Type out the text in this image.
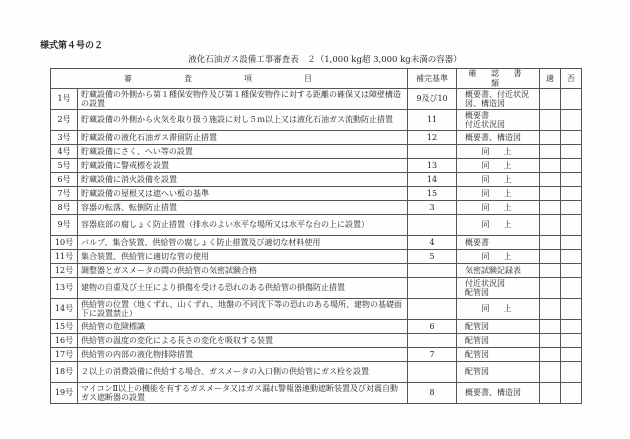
様式第４号の２
液化石油ガス設備工事審査表　２（1,000 kg超 3,000 kg未満の容器）
審　査　項　目		補完基準	確 認 書 類	適	否
1号	貯蔵設備の外側から第１種保安物件及び第１種保安物件に対する距離の確保又は障壁構造の設置	9及び10	概要書、付近状況図、構造図		
2号	貯蔵設備の外側から火気を取り扱う施設に対し５ｍ以上又は液化石油ガス流動防止措置	11	概要書
付近状況図		
3号	貯蔵設備の液化石油ガス滞留防止措置	12	概要書、構造図		
4号	貯蔵設備にさく、へい等の設置		同上		
5号	貯蔵設備に警戒標を設置	13	同上		
6号	貯蔵設備に消火設備を設置	14	同上		
7号	貯蔵設備の屋根又は遮へい板の基準	15	同上		
8号	容器の転落、転倒防止措置	3	同上		
9号	容器底部の腐しょく防止措置（排水のよい水平な場所又は水平な台の上に設置）		同上		
10号	バルブ、集合装置、供給管の腐しょく防止措置及び適切な材料使用	4	概要書		
11号	集合装置、供給管に適切な管の使用	5	同上		
12号	調整器とガスメータの間の供給管の気密試験合格		気密試験記録表		
13号	建物の自重及び土圧により損傷を受ける恐れのある供給管の損傷防止措置		付近状況図
配管図		
14号	供給管の位置（地くずれ、山くずれ、地盤の不同沈下等の恐れのある場所、建物の基礎面下に設置禁止）		同上		
15号	供給管の危険標識	6	配管図		
16号	供給管の温度の変化による長さの変化を吸収する装置		配管図		
17号	供給管の内部の液化物排除措置	7	配管図		
18号	２以上の消費設備に供給する場合、ガスメータの入口側の供給管にガス栓を設置		配管図		
19号	マイコンⅡ以上の機能を有するガスメータ又はガス漏れ警報器連動遮断装置及び対震自動ガス遮断器の設置	8	概要書、構造図		
